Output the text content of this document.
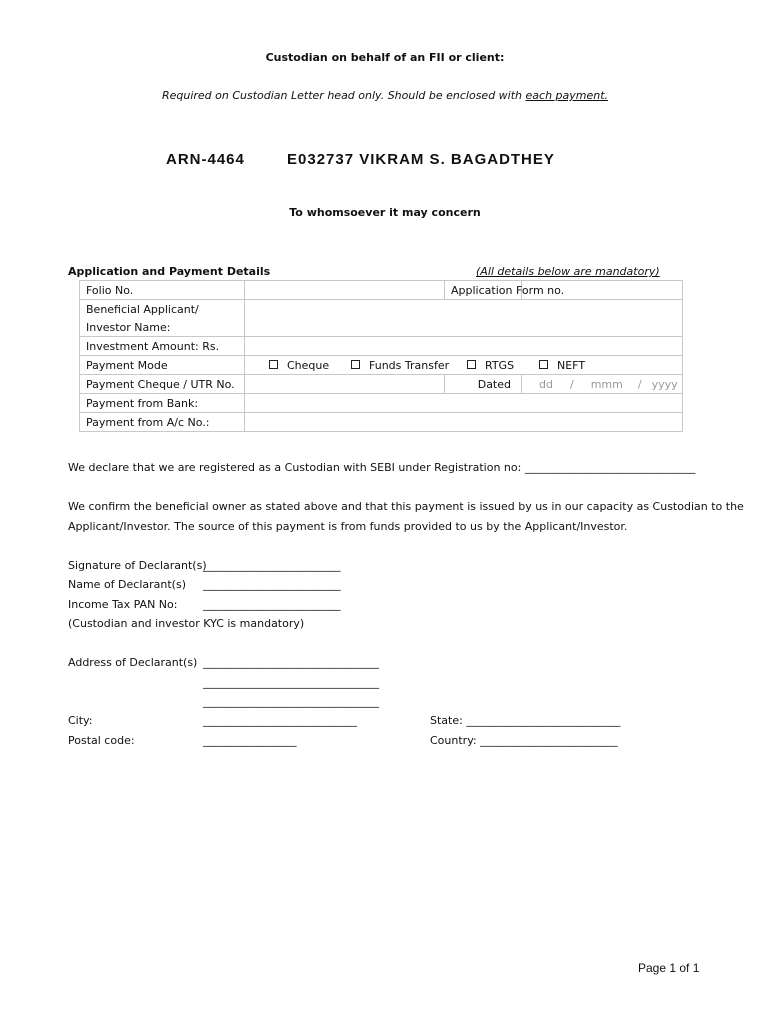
Custodian on behalf of an FII or client:
Required on Custodian Letter head only. Should be enclosed with each payment.
ARN-4464	E032737 VIKRAM S. BAGADTHEY
To whomsoever it may concern
Application and Payment Details	(All details below are mandatory)
Folio No.		Application Form no.	
Beneficial Applicant/			
Investor Name:			
Investment Amount: Rs.			
Payment Mode	Cheque Funds Transfer RTGS NEFT		
Payment Cheque / UTR No.		Dated	dd / mmm / yyyy
Payment from Bank:			
Payment from A/c No.:			
We declare that we are registered as a Custodian with SEBI under Registration no: _______________________________
We confirm the beneficial owner as stated above and that this payment is issued by us in our capacity as Custodian to the
Applicant/Investor. The source of this payment is from funds provided to us by the Applicant/Investor.
Signature of Declarant(s)
_________________________
Name of Declarant(s) _________________________
Income Tax PAN No: _________________________
(Custodian and investor KYC is mandatory)
Address of Declarant(s) ________________________________
________________________________
________________________________
City:	____________________________	State: ____________________________
Postal code:	_________________	Country: _________________________
Page 1 of 1
